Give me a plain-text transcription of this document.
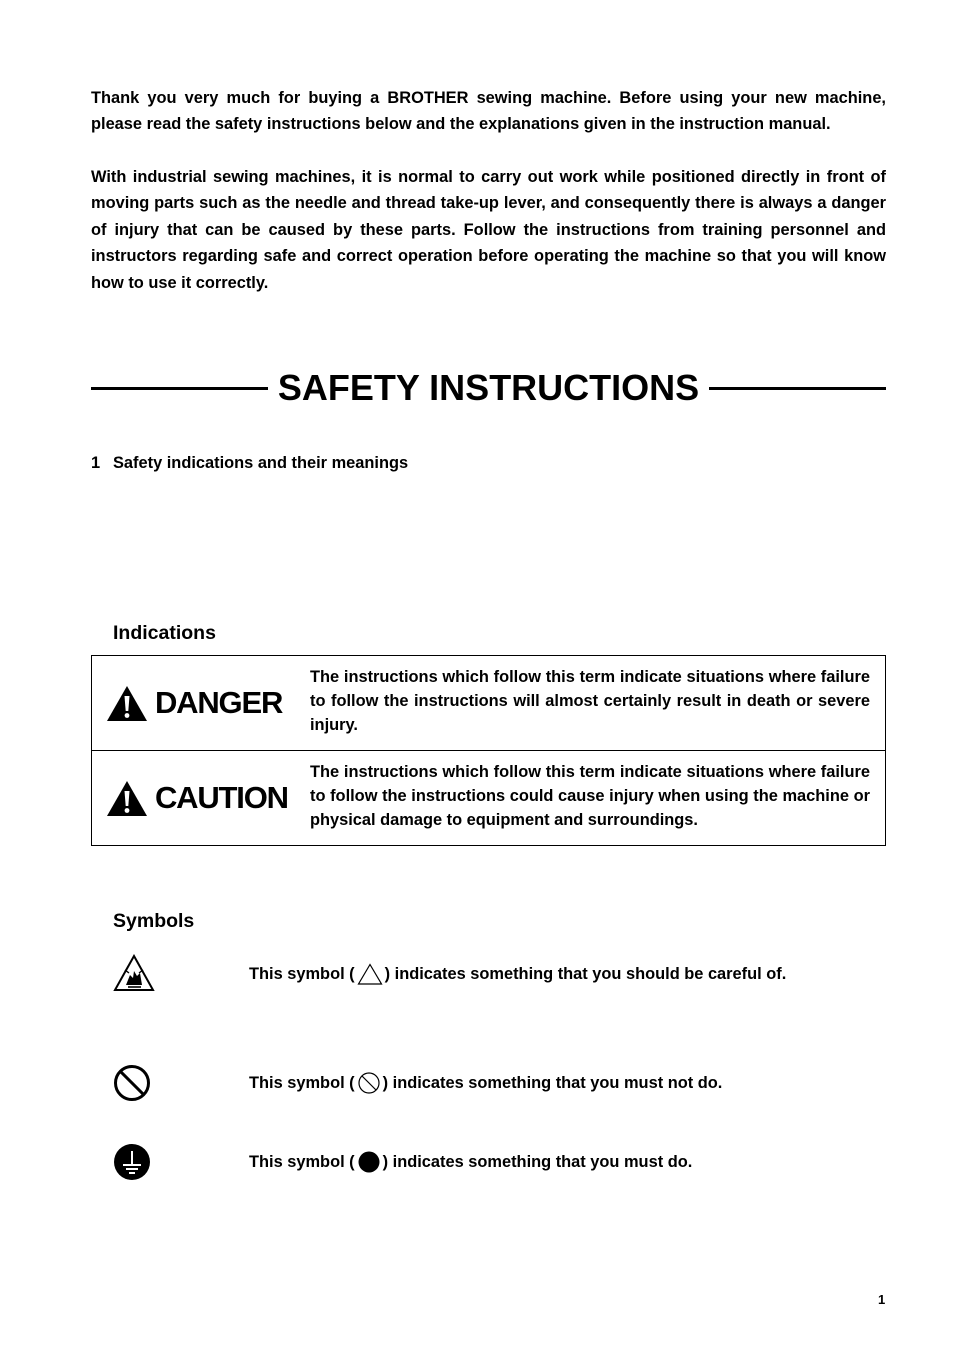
Thank you very much for buying a BROTHER sewing machine. Before using your new machine, please read the safety instructions below and the explanations given in the instruction manual.

With industrial sewing machines, it is normal to carry out work while positioned directly in front of moving parts such as the needle and thread take-up lever, and consequently there is always a danger of injury that can be caused by these parts. Follow the instructions from training personnel and instructors regarding safe and correct operation before operating the machine so that you will know how to use it correctly.

SAFETY INSTRUCTIONS
1 Safety indications and their meanings
Indications
DANGER
The instructions which follow this term indicate situations where failure to follow the instructions will almost certainly result in death or severe injury.
CAUTION
The instructions which follow this term indicate situations where failure to follow the instructions could cause injury when using the machine or physical damage to equipment and surroundings.
Symbols
This symbol ( ) indicates something that you should be careful of.
This symbol ( ) indicates something that you must not do.
This symbol ( ) indicates something that you must do.
1
